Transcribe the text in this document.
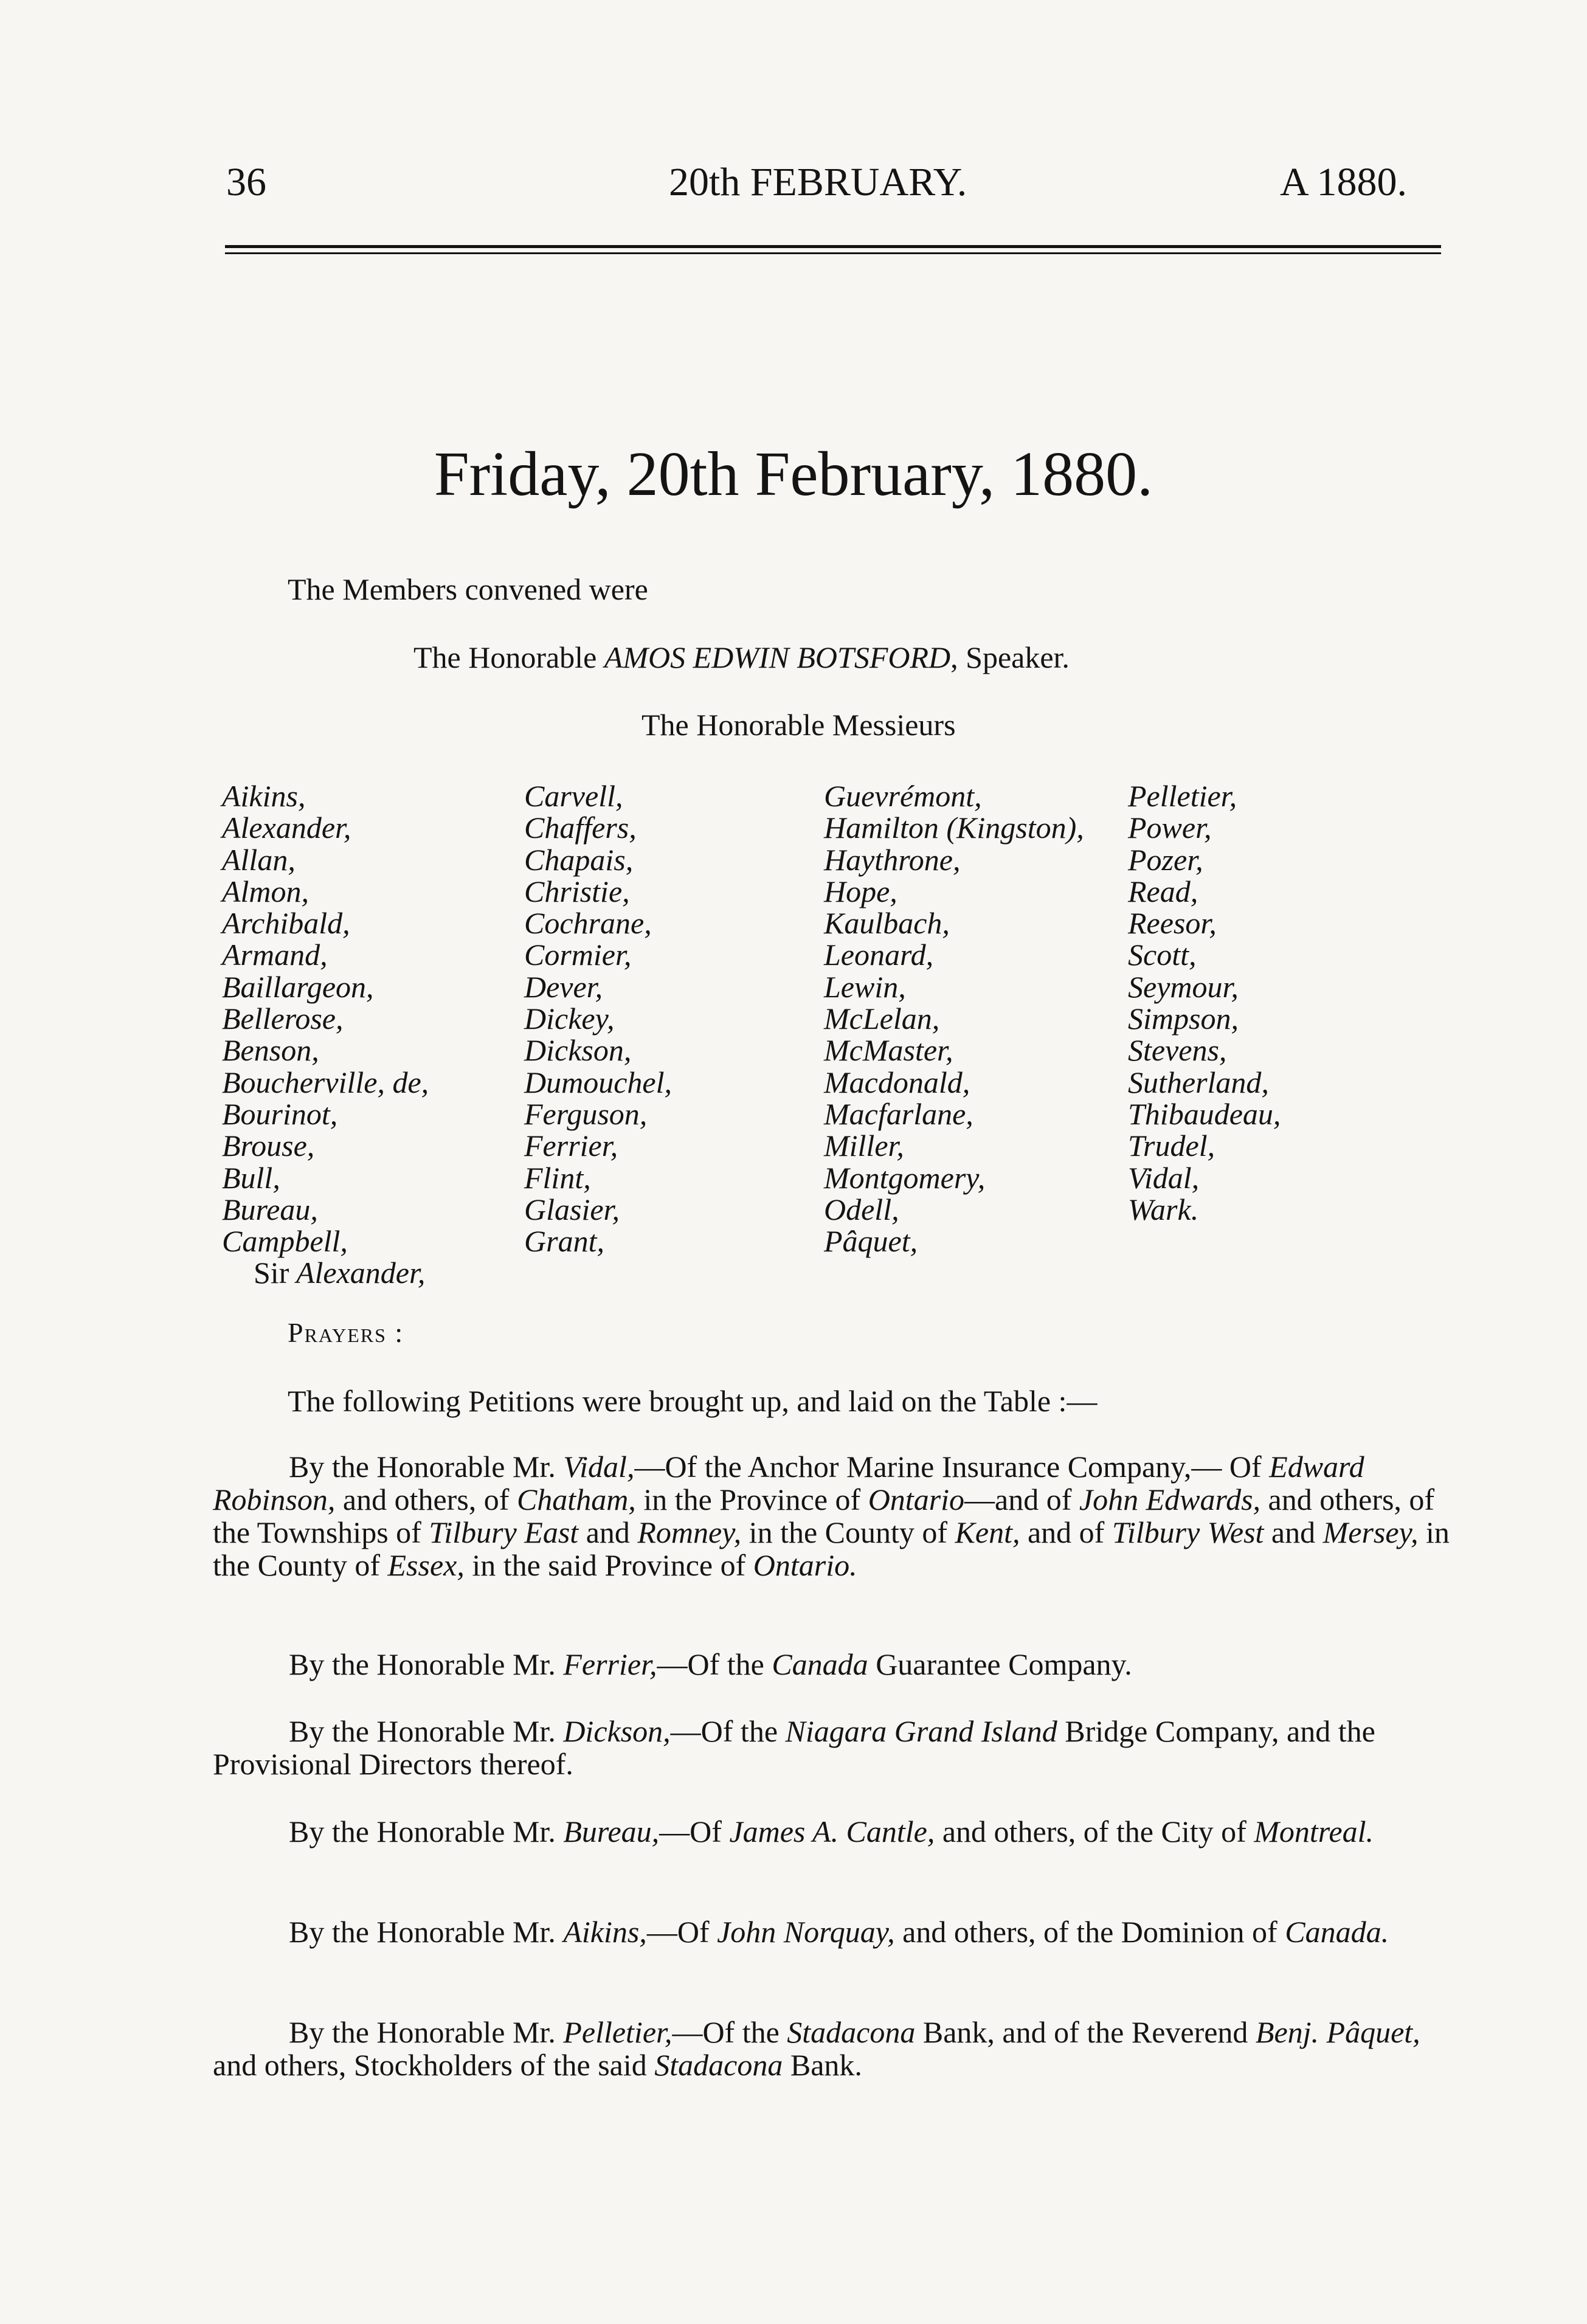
36	20th FEBRUARY.	A 1880.
Friday, 20th February, 1880.
The Members convened were
The Honorable AMOS EDWIN BOTSFORD, Speaker.
The Honorable Messieurs
Aikins,
Alexander,
Allan,
Almon,
Archibald,
Armand,
Baillargeon,
Bellerose,
Benson,
Boucherville, de,
Bourinot,
Brouse,
Bull,
Bureau,
Campbell,
Sir Alexander,
Carvell,
Chaffers,
Chapais,
Christie,
Cochrane,
Cormier,
Dever,
Dickey,
Dickson,
Dumouchel,
Ferguson,
Ferrier,
Flint,
Glasier,
Grant,
Guevrémont,
Hamilton (Kingston),
Haythrone,
Hope,
Kaulbach,
Leonard,
Lewin,
McLelan,
McMaster,
Macdonald,
Macfarlane,
Miller,
Montgomery,
Odell,
Pâquet,
Pelletier,
Power,
Pozer,
Read,
Reesor,
Scott,
Seymour,
Simpson,
Stevens,
Sutherland,
Thibaudeau,
Trudel,
Vidal,
Wark.
Prayers :
The following Petitions were brought up, and laid on the Table :—

By the Honorable Mr. Vidal,—Of the Anchor Marine Insurance Company,— Of Edward Robinson, and others, of Chatham, in the Province of Ontario—and of John Edwards, and others, of the Townships of Tilbury East and Romney, in the County of Kent, and of Tilbury West and Mersey, in the County of Essex, in the said Province of Ontario.

By the Honorable Mr. Ferrier,—Of the Canada Guarantee Company.

By the Honorable Mr. Dickson,—Of the Niagara Grand Island Bridge Company, and the Provisional Directors thereof.

By the Honorable Mr. Bureau,—Of James A. Cantle, and others, of the City of Montreal.

By the Honorable Mr. Aikins,—Of John Norquay, and others, of the Dominion of Canada.

By the Honorable Mr. Pelletier,—Of the Stadacona Bank, and of the Reverend Benj. Pâquet, and others, Stockholders of the said Stadacona Bank.
